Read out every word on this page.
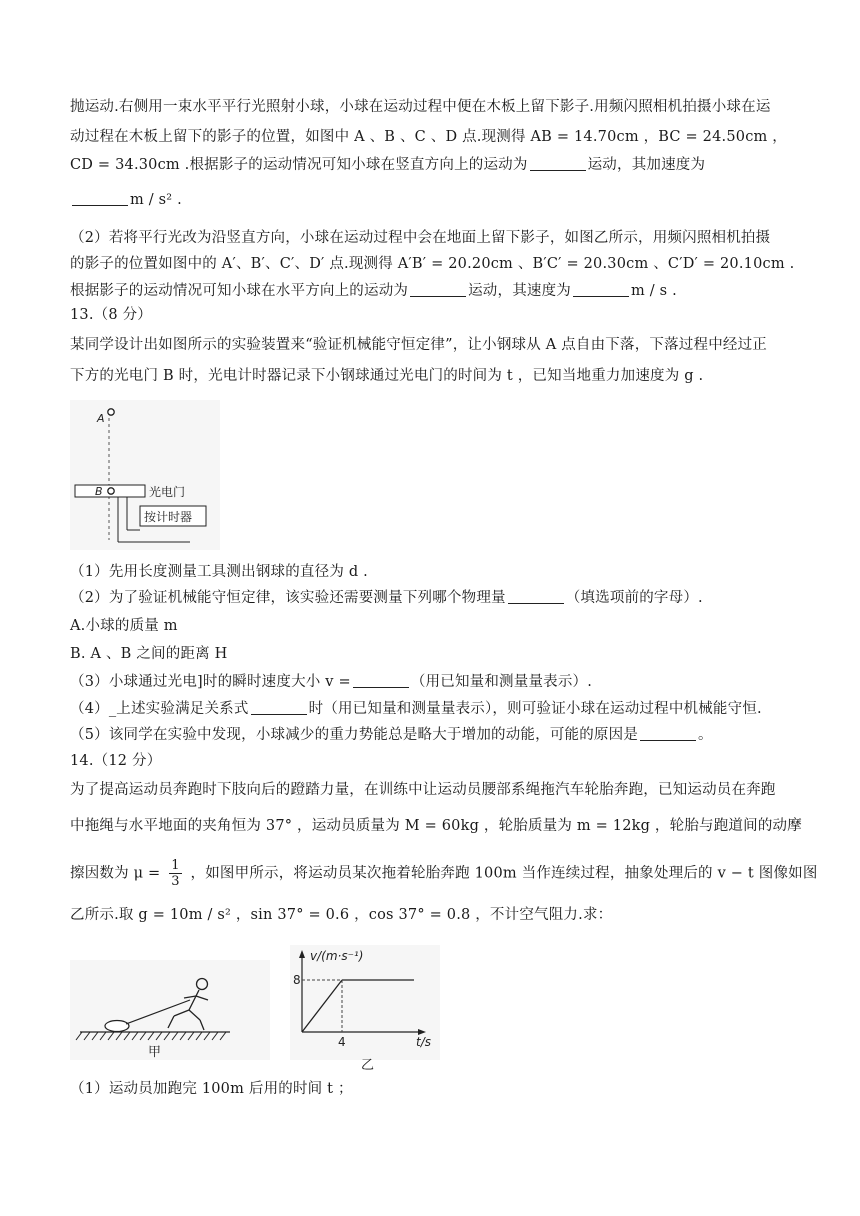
抛运动.右侧用一束水平平行光照射小球，小球在运动过程中便在木板上留下影子.用频闪照相机拍摄小球在运
动过程在木板上留下的影子的位置，如图中 A 、B 、C 、D 点.现测得 AB = 14.70cm ，BC = 24.50cm ，
CD = 34.30cm .根据影子的运动情况可知小球在竖直方向上的运动为	运动，其加速度为
m / s² .
（2）若将平行光改为沿竖直方向，小球在运动过程中会在地面上留下影子，如图乙所示，用频闪照相机拍摄
的影子的位置如图中的 A′、B′、C′、D′ 点.现测得 A′B′ = 20.20cm 、B′C′ = 20.30cm 、C′D′ = 20.10cm .
根据影子的运动情况可知小球在水平方向上的运动为	运动，其速度为	m / s .
13.（8 分）
某同学设计出如图所示的实验装置来“验证机械能守恒定律”，让小钢球从 A 点自由下落，下落过程中经过正
下方的光电门 B 时，光电计时器记录下小钢球通过光电门的时间为 t ，已知当地重力加速度为 g .
A
B	光电门
按计时器
（1）先用长度测量工具测出钢球的直径为 d .
（2）为了验证机械能守恒定律，该实验还需要测量下列哪个物理量	（填选项前的字母）.
A.小球的质量 m
B. A 、B 之间的距离 H
（3）小球通过光电]时的瞬时速度大小 v =	（用已知量和测量量表示）.
（4）_上述实验满足关系式	时（用已知量和测量量表示），则可验证小球在运动过程中机械能守恒.
（5）该同学在实验中发现，小球减少的重力势能总是略大于增加的动能，可能的原因是	。
14.（12 分）
为了提高运动员奔跑时下肢向后的蹬踏力量，在训练中让运动员腰部系绳拖汽车轮胎奔跑，已知运动员在奔跑
中拖绳与水平地面的夹角恒为 37° ，运动员质量为 M = 60kg ，轮胎质量为 m = 12kg ，轮胎与跑道间的动摩
擦因数为 $\mu = \frac{1}{3}$ ，如图甲所示，将运动员某次拖着轮胎奔跑 100m 当作连续过程，抽象处理后的 v − t 图像如图
乙所示.取 g = 10m / s² ，sin 37° = 0.6 ，cos 37° = 0.8 ，不计空气阻力.求：
甲
v/(m·s⁻¹)
t/s
8
4
乙
（1）运动员加跑完 100m 后用的时间 t ；
